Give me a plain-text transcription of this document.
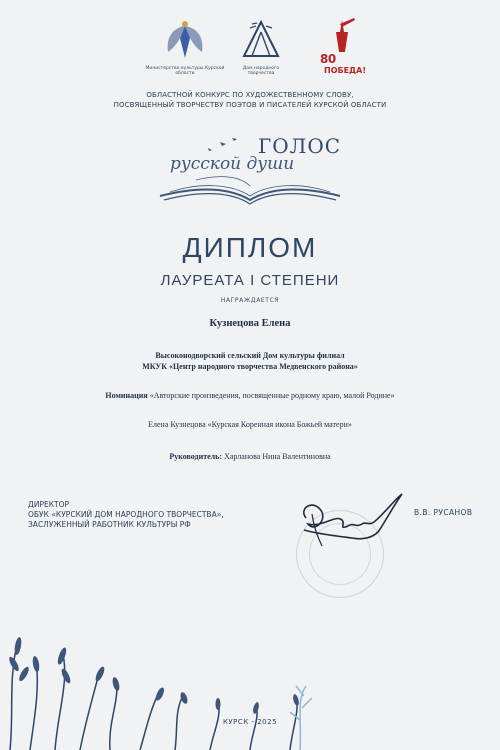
Министерство культуры Курской области
Дом народного
творчества
80
ПОБЕДА!
ОБЛАСТНОЙ КОНКУРС ПО ХУДОЖЕСТВЕННОМУ СЛОВУ,
ПОСВЯЩЕННЫЙ ТВОРЧЕСТВУ ПОЭТОВ И ПИСАТЕЛЕЙ КУРСКОЙ ОБЛАСТИ
ГОЛОС
русской души
ДИПЛОМ
ЛАУРЕАТА I СТЕПЕНИ
НАГРАЖДАЕТСЯ
Кузнецова Елена
Высоконодворский сельский Дом культуры филиал
МКУК «Центр народного творчества Медвенского района»
Номинация «Авторские произведения, посвященные родному краю, малой Родине»
Елена Кузнецова «Курская Коренная икона Божьей матери»
Руководитель: Харланова Нина Валентиновна
ДИРЕКТОР
ОБУК «КУРСКИЙ ДОМ НАРОДНОГО ТВОРЧЕСТВА»,
ЗАСЛУЖЕННЫЙ РАБОТНИК КУЛЬТУРЫ РФ
В.В. РУСАНОВ
КУРСК - 2025
